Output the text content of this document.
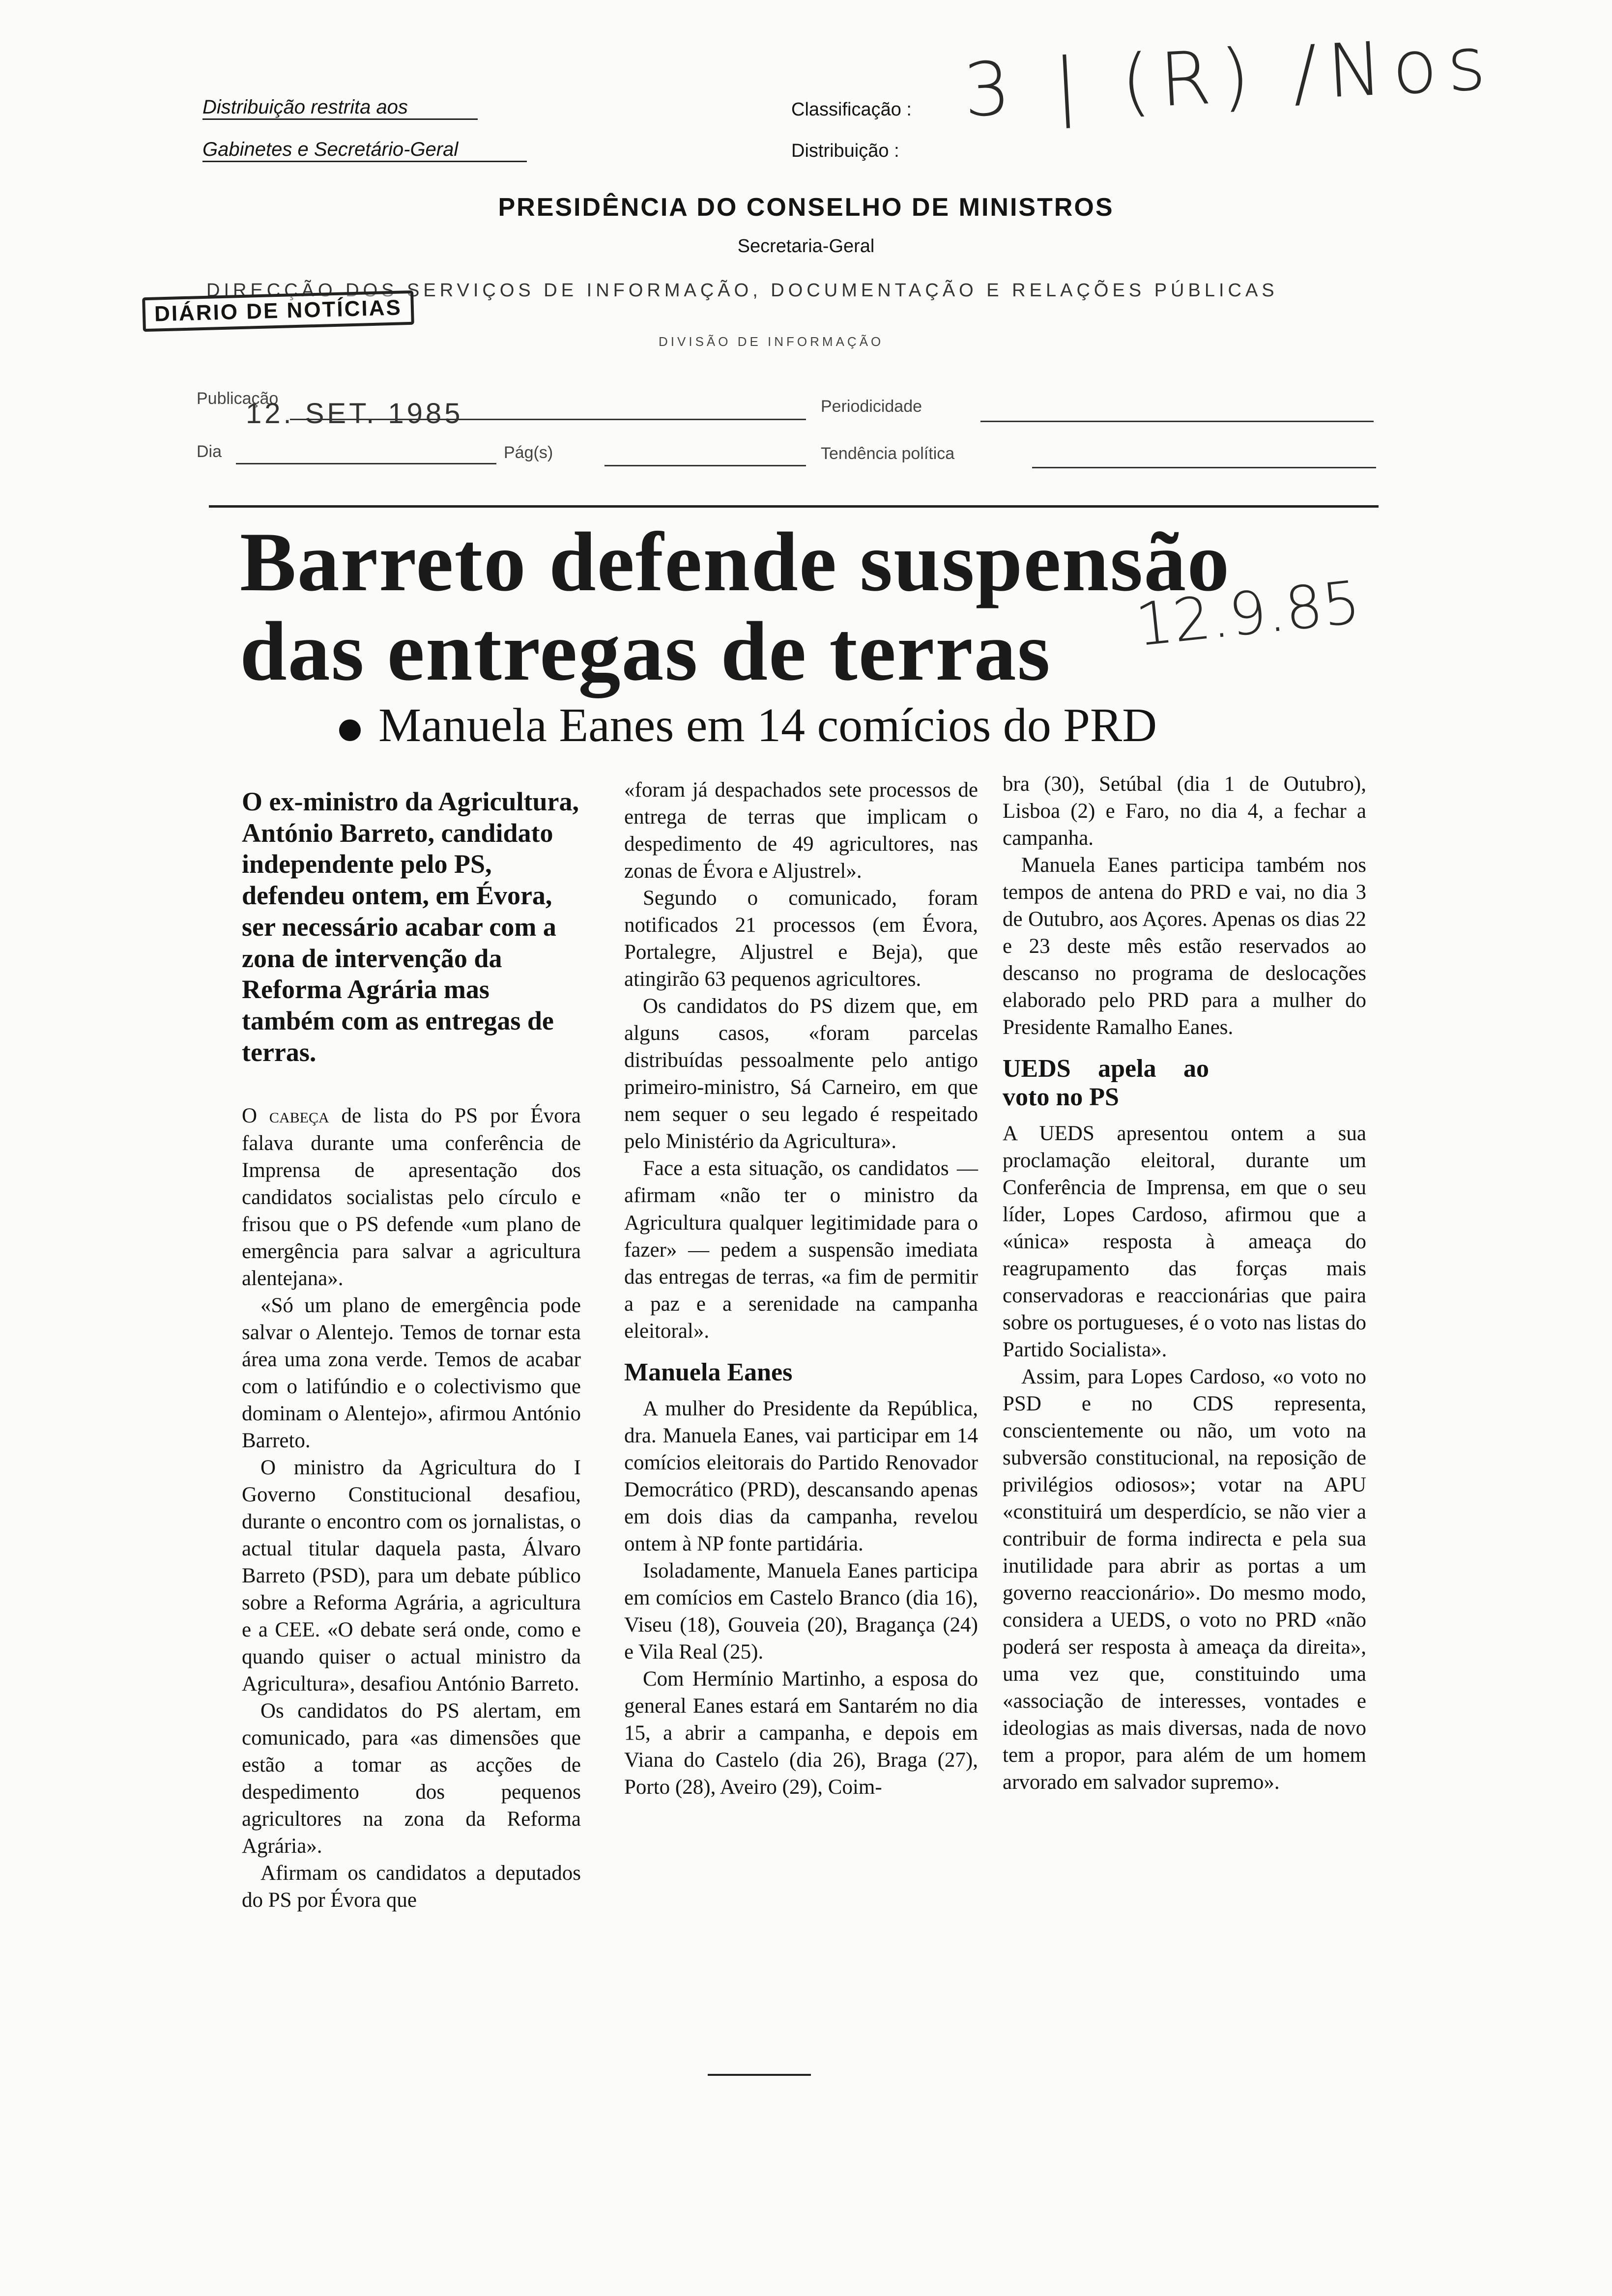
Distribuição restrita aos
Gabinetes e Secretário-Geral
Classificação :
Distribuição :
3 | (R) /Nos
PRESIDÊNCIA DO CONSELHO DE MINISTROS
Secretaria-Geral
DIRECÇÃO DOS SERVIÇOS DE INFORMAÇÃO, DOCUMENTAÇÃO E RELAÇÕES PÚBLICAS
DIÁRIO DE NOTÍCIAS
DIVISÃO DE INFORMAÇÃO
Publicação
12. SET. 1985	Periodicidade
Dia	Pág(s)	Tendência política
Barreto defende suspensão
das entregas de terras 12.9.85
Manuela Eanes em 14 comícios do PRD
O ex-ministro da Agricultura, António Barreto, candidato independente pelo PS, defendeu ontem, em Évora, ser necessário acabar com a zona de intervenção da Reforma Agrária mas também com as entregas de terras.

O cabeça de lista do PS por Évora falava durante uma conferência de Imprensa de apresentação dos candidatos socialistas pelo círculo e frisou que o PS defende «um plano de emergência para salvar a agricultura alentejana».

«Só um plano de emergência pode salvar o Alentejo. Temos de tornar esta área uma zona verde. Temos de acabar com o latifúndio e o colectivismo que dominam o Alentejo», afirmou António Barreto.

O ministro da Agricultura do I Governo Constitucional desafiou, durante o encontro com os jornalistas, o actual titular daquela pasta, Álvaro Barreto (PSD), para um debate público sobre a Reforma Agrária, a agricultura e a CEE. «O debate será onde, como e quando quiser o actual ministro da Agricultura», desafiou António Barreto.

Os candidatos do PS alertam, em comunicado, para «as dimensões que estão a tomar as acções de despedimento dos pequenos agricultores na zona da Reforma Agrária».

Afirmam os candidatos a deputados do PS por Évora que

«foram já despachados sete processos de entrega de terras que implicam o despedimento de 49 agricultores, nas zonas de Évora e Aljustrel».

Segundo o comunicado, foram notificados 21 processos (em Évora, Portalegre, Aljustrel e Beja), que atingirão 63 pequenos agricultores.

Os candidatos do PS dizem que, em alguns casos, «foram parcelas distribuídas pessoalmente pelo antigo primeiro-ministro, Sá Carneiro, em que nem sequer o seu legado é respeitado pelo Ministério da Agricultura».

Face a esta situação, os candidatos — afirmam «não ter o ministro da Agricultura qualquer legitimidade para o fazer» — pedem a suspensão imediata das entregas de terras, «a fim de permitir a paz e a serenidade na campanha eleitoral».

Manuela Eanes

A mulher do Presidente da República, dra. Manuela Eanes, vai participar em 14 comícios eleitorais do Partido Renovador Democrático (PRD), descansando apenas em dois dias da campanha, revelou ontem à NP fonte partidária.

Isoladamente, Manuela Eanes participa em comícios em Castelo Branco (dia 16), Viseu (18), Gouveia (20), Bragança (24) e Vila Real (25).

Com Hermínio Martinho, a esposa do general Eanes estará em Santarém no dia 15, a abrir a campanha, e depois em Viana do Castelo (dia 26), Braga (27), Porto (28), Aveiro (29), Coim-

bra (30), Setúbal (dia 1 de Outubro), Lisboa (2) e Faro, no dia 4, a fechar a campanha.

Manuela Eanes participa também nos tempos de antena do PRD e vai, no dia 3 de Outubro, aos Açores. Apenas os dias 22 e 23 deste mês estão reservados ao descanso no programa de deslocações elaborado pelo PRD para a mulher do Presidente Ramalho Eanes.

UEDS apela ao voto no PS

A UEDS apresentou ontem a sua proclamação eleitoral, durante um Conferência de Imprensa, em que o seu líder, Lopes Cardoso, afirmou que a «única» resposta à ameaça do reagrupamento das forças mais conservadoras e reaccionárias que paira sobre os portugueses, é o voto nas listas do Partido Socialista».

Assim, para Lopes Cardoso, «o voto no PSD e no CDS representa, conscientemente ou não, um voto na subversão constitucional, na reposição de privilégios odiosos»; votar na APU «constituirá um desperdício, se não vier a contribuir de forma indirecta e pela sua inutilidade para abrir as portas a um governo reaccionário». Do mesmo modo, considera a UEDS, o voto no PRD «não poderá ser resposta à ameaça da direita», uma vez que, constituindo uma «associação de interesses, vontades e ideologias as mais diversas, nada de novo tem a propor, para além de um homem arvorado em salvador supremo».
